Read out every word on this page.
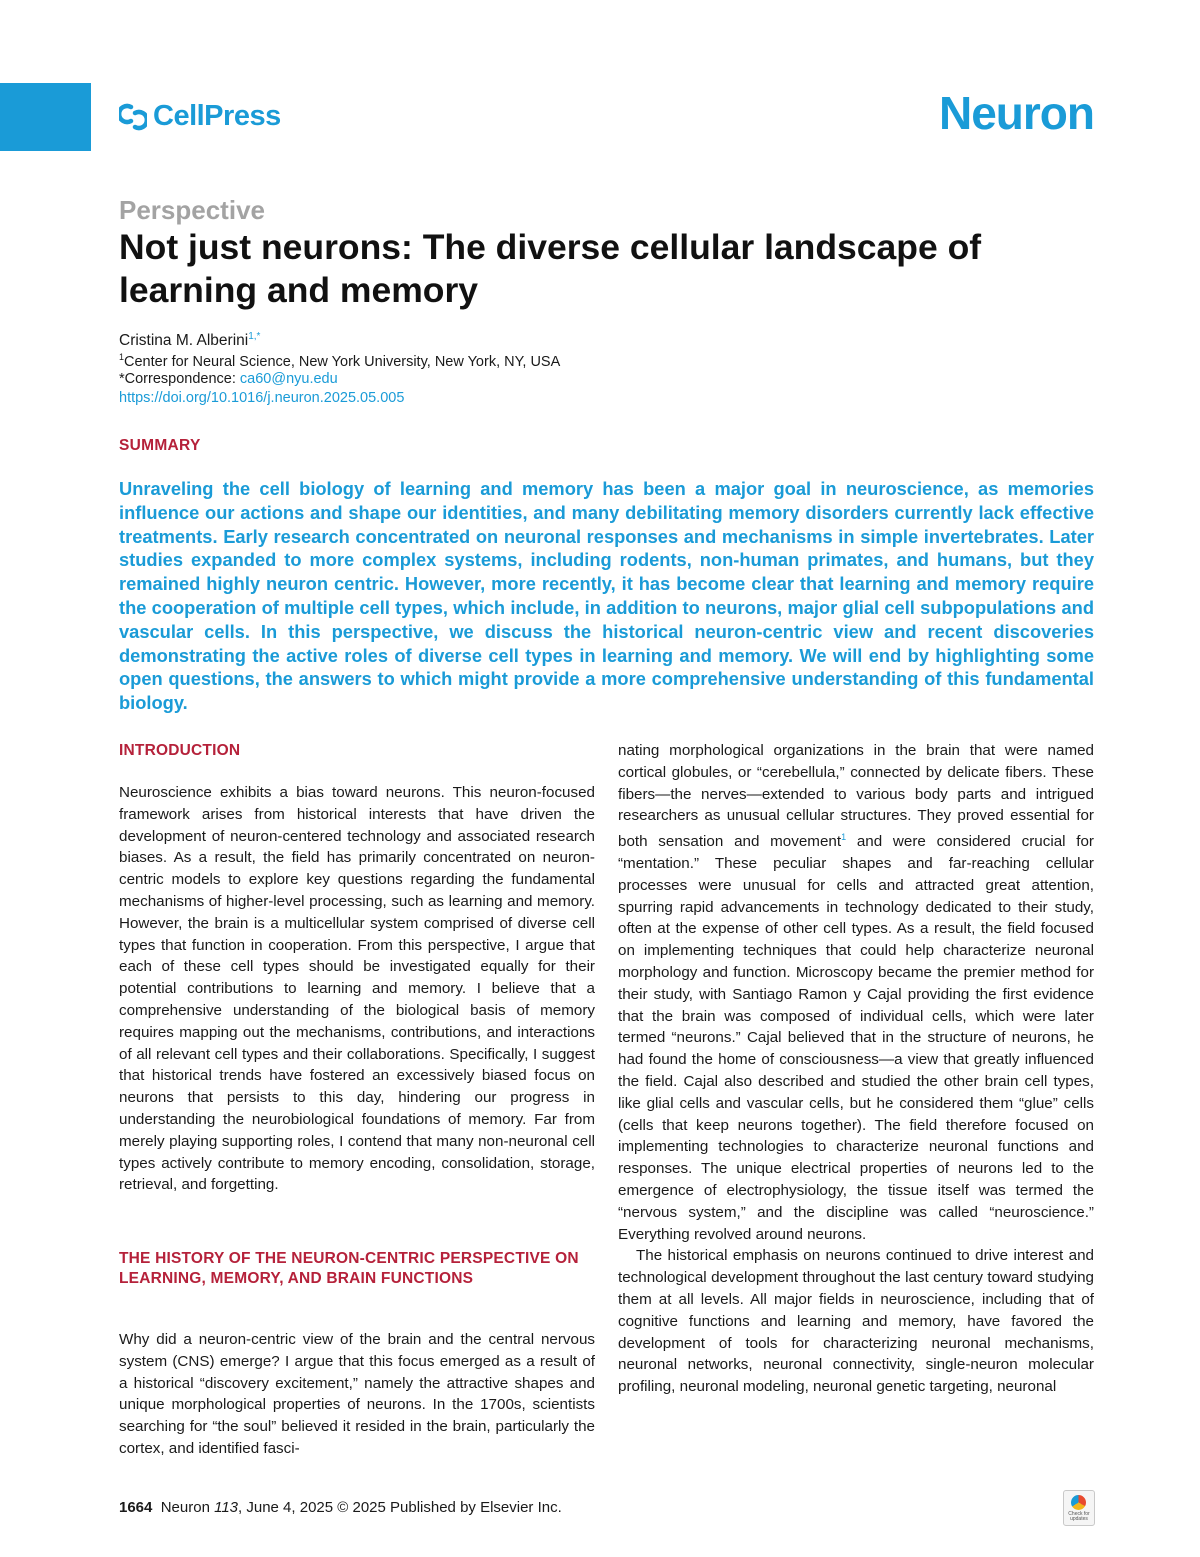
CellPress	Neuron
Perspective
Not just neurons: The diverse cellular landscape of learning and memory
Cristina M. Alberini$^{1,*}$
$^1$Center for Neural Science, New York University, New York, NY, USA
*Correspondence: ca60@nyu.edu
https://doi.org/10.1016/j.neuron.2025.05.005
SUMMARY

Unraveling the cell biology of learning and memory has been a major goal in neuroscience, as memories influence our actions and shape our identities, and many debilitating memory disorders currently lack effective treatments. Early research concentrated on neuronal responses and mechanisms in simple invertebrates. Later studies expanded to more complex systems, including rodents, non-human primates, and humans, but they remained highly neuron centric. However, more recently, it has become clear that learning and memory require the cooperation of multiple cell types, which include, in addition to neurons, major glial cell subpopulations and vascular cells. In this perspective, we discuss the historical neuron-centric view and recent discoveries demonstrating the active roles of diverse cell types in learning and memory. We will end by highlighting some open questions, the answers to which might provide a more comprehensive understanding of this fundamental biology.

INTRODUCTION

Neuroscience exhibits a bias toward neurons. This neuron-focused framework arises from historical interests that have driven the development of neuron-centered technology and associated research biases. As a result, the field has primarily concentrated on neuron-centric models to explore key questions regarding the fundamental mechanisms of higher-level processing, such as learning and memory. However, the brain is a multicellular system comprised of diverse cell types that function in cooperation. From this perspective, I argue that each of these cell types should be investigated equally for their potential contributions to learning and memory. I believe that a comprehensive understanding of the biological basis of memory requires mapping out the mechanisms, contributions, and interactions of all relevant cell types and their collaborations. Specifically, I suggest that historical trends have fostered an excessively biased focus on neurons that persists to this day, hindering our progress in understanding the neurobiological foundations of memory. Far from merely playing supporting roles, I contend that many non-neuronal cell types actively contribute to memory encoding, consolidation, storage, retrieval, and forgetting.

THE HISTORY OF THE NEURON-CENTRIC PERSPECTIVE ON LEARNING, MEMORY, AND BRAIN FUNCTIONS

Why did a neuron-centric view of the brain and the central nervous system (CNS) emerge? I argue that this focus emerged as a result of a historical “discovery excitement,” namely the attractive shapes and unique morphological properties of neurons. In the 1700s, scientists searching for “the soul” believed it resided in the brain, particularly the cortex, and identified fasci-

nating morphological organizations in the brain that were named cortical globules, or “cerebellula,” connected by delicate fibers. These fibers—the nerves—extended to various body parts and intrigued researchers as unusual cellular structures. They proved essential for both sensation and movement$^1$ and were considered crucial for “mentation.” These peculiar shapes and far-reaching cellular processes were unusual for cells and attracted great attention, spurring rapid advancements in technology dedicated to their study, often at the expense of other cell types. As a result, the field focused on implementing techniques that could help characterize neuronal morphology and function. Microscopy became the premier method for their study, with Santiago Ramon y Cajal providing the first evidence that the brain was composed of individual cells, which were later termed “neurons.” Cajal believed that in the structure of neurons, he had found the home of consciousness—a view that greatly influenced the field. Cajal also described and studied the other brain cell types, like glial cells and vascular cells, but he considered them “glue” cells (cells that keep neurons together). The field therefore focused on implementing technologies to characterize neuronal functions and responses. The unique electrical properties of neurons led to the emergence of electrophysiology, the tissue itself was termed the “nervous system,” and the discipline was called “neuroscience.” Everything revolved around neurons.

The historical emphasis on neurons continued to drive interest and technological development throughout the last century toward studying them at all levels. All major fields in neuroscience, including that of cognitive functions and learning and memory, have favored the development of tools for characterizing neuronal mechanisms, neuronal networks, neuronal connectivity, single-neuron molecular profiling, neuronal modeling, neuronal genetic targeting, neuronal

1664 Neuron 113, June 4, 2025 © 2025 Published by Elsevier Inc.	Check for updates
